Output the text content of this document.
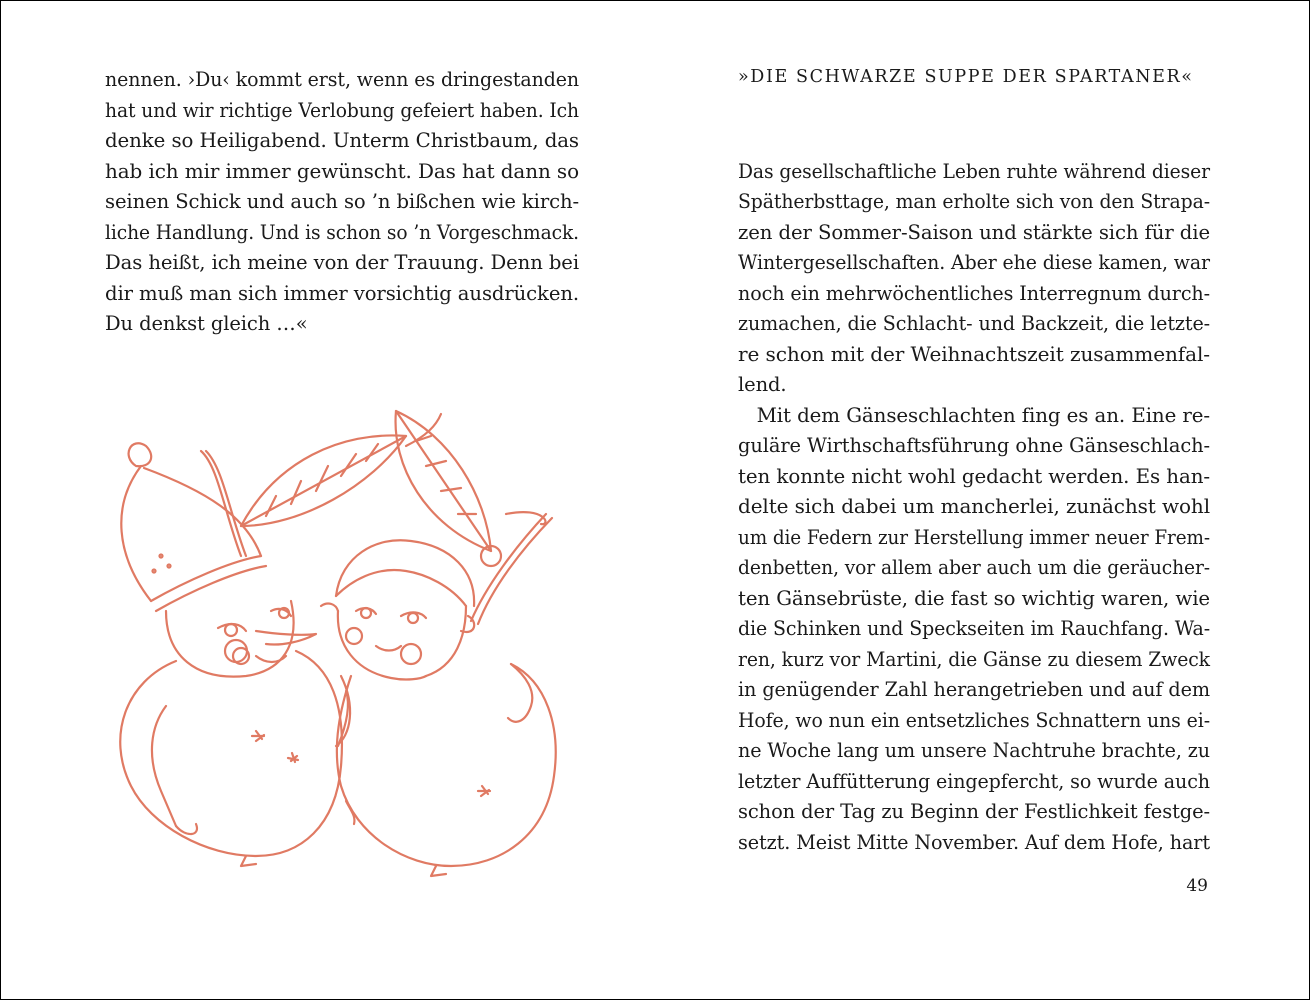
nennen. ›Du‹ kommt erst, wenn es dringestanden
hat und wir richtige Verlobung gefeiert haben. Ich
denke so Heiligabend. Unterm Christbaum, das
hab ich mir immer gewünscht. Das hat dann so
seinen Schick und auch so ’n bißchen wie kirch-
liche Handlung. Und is schon so ’n Vorgeschmack.
Das heißt, ich meine von der Trauung. Denn bei
dir muß man sich immer vorsichtig ausdrücken.
Du denkst gleich …«
»DIE SCHWARZE SUPPE DER SPARTANER«
Das gesellschaftliche Leben ruhte während dieser
Spätherbsttage, man erholte sich von den Strapa-
zen der Sommer-Saison und stärkte sich für die
Wintergesellschaften. Aber ehe diese kamen, war
noch ein mehrwöchentliches Interregnum durch-
zumachen, die Schlacht- und Backzeit, die letzte-
re schon mit der Weihnachtszeit zusammenfal-
lend.
Mit dem Gänseschlachten fing es an. Eine re-
guläre Wirthschaftsführung ohne Gänseschlach-
ten konnte nicht wohl gedacht werden. Es han-
delte sich dabei um mancherlei, zunächst wohl
um die Federn zur Herstellung immer neuer Frem-
denbetten, vor allem aber auch um die geräucher-
ten Gänsebrüste, die fast so wichtig waren, wie
die Schinken und Speckseiten im Rauchfang. Wa-
ren, kurz vor Martini, die Gänse zu diesem Zweck
in genügender Zahl herangetrieben und auf dem
Hofe, wo nun ein entsetzliches Schnattern uns ei-
ne Woche lang um unsere Nachtruhe brachte, zu
letzter Auffütterung eingepfercht, so wurde auch
schon der Tag zu Beginn der Festlichkeit festge-
setzt. Meist Mitte November. Auf dem Hofe, hart
49
